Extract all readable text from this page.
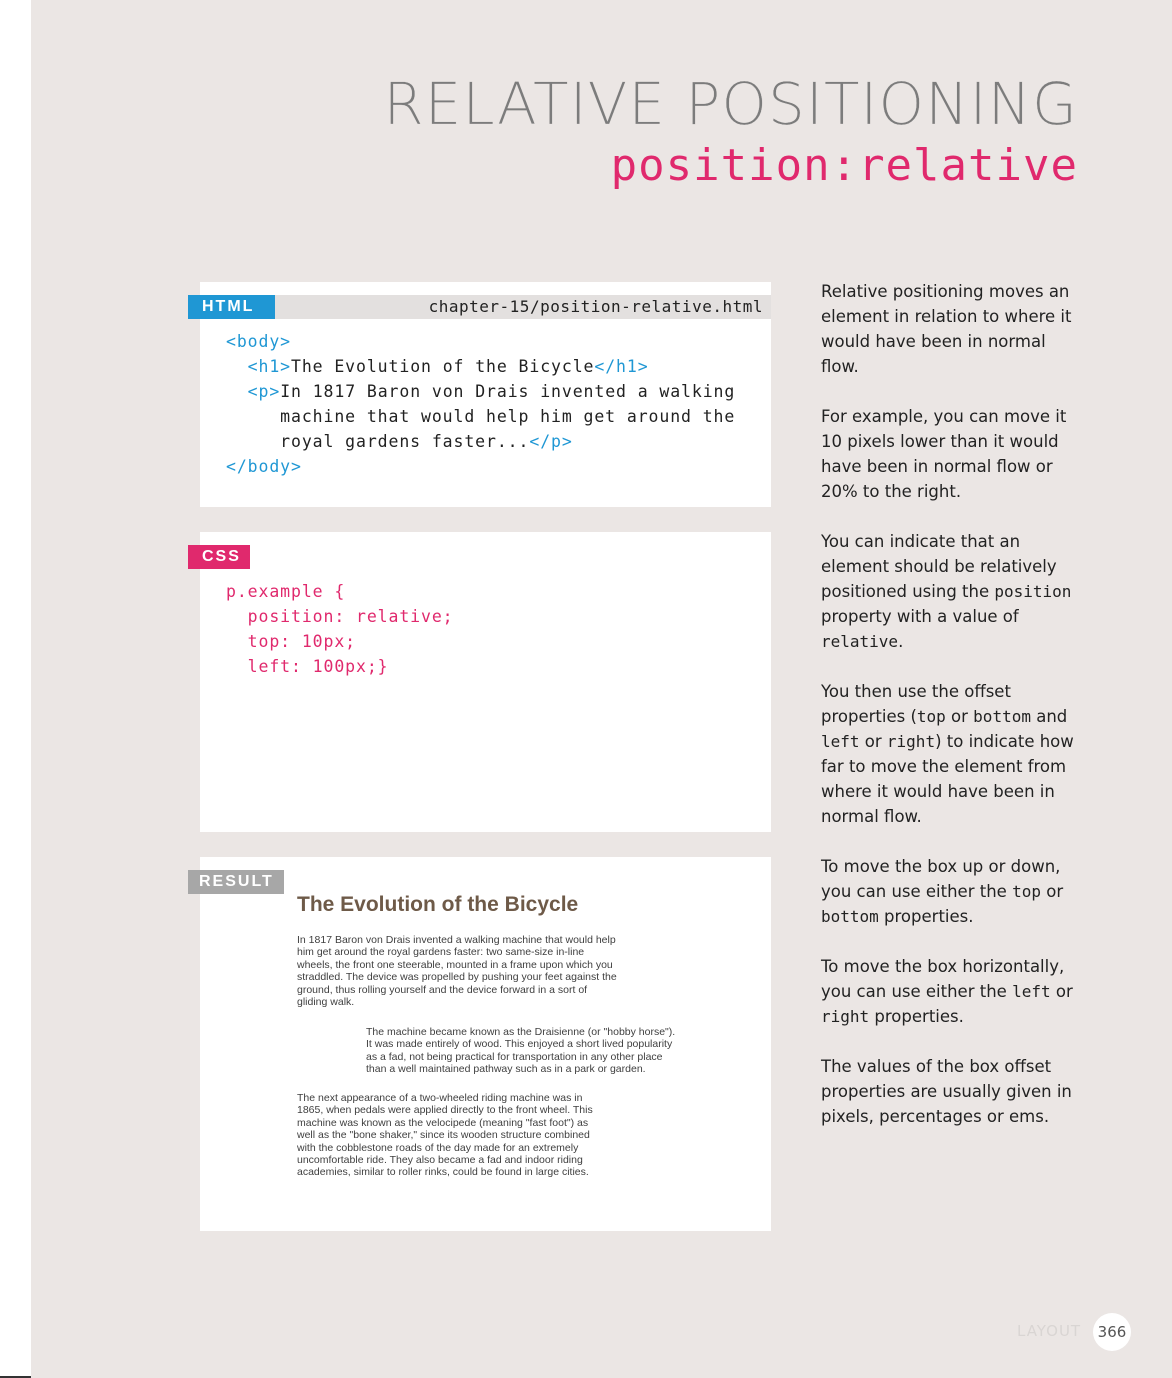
RELATIVE POSITIONING
position:relative
chapter-15/position-relative.html
HTML
<body>
<h1>The Evolution of the Bicycle</h1>
<p>In 1817 Baron von Drais invented a walking
machine that would help him get around the
royal gardens faster...</p>
</body>
CSS
p.example {
position: relative;
top: 10px;
left: 100px;}
RESULT
The Evolution of the Bicycle
In 1817 Baron von Drais invented a walking machine that would help him get around the royal gardens faster: two same-size in-line wheels, the front one steerable, mounted in a frame upon which you straddled. The device was propelled by pushing your feet against the ground, thus rolling yourself and the device forward in a sort of gliding walk.
The machine became known as the Draisienne (or "hobby horse"). It was made entirely of wood. This enjoyed a short lived popularity as a fad, not being practical for transportation in any other place than a well maintained pathway such as in a park or garden.
The next appearance of a two-wheeled riding machine was in 1865, when pedals were applied directly to the front wheel. This machine was known as the velocipede (meaning "fast foot") as well as the "bone shaker," since its wooden structure combined with the cobblestone roads of the day made for an extremely uncomfortable ride. They also became a fad and indoor riding academies, similar to roller rinks, could be found in large cities.

Relative positioning moves an element in relation to where it would have been in normal flow.

For example, you can move it 10 pixels lower than it would have been in normal flow or 20% to the right.

You can indicate that an element should be relatively positioned using the position property with a value of relative.

You then use the offset properties (top or bottom and left or right) to indicate how far to move the element from where it would have been in normal flow.

To move the box up or down, you can use either the top or bottom properties.

To move the box horizontally, you can use either the left or right properties.

The values of the box offset properties are usually given in pixels, percentages or ems.

LAYOUT	366
